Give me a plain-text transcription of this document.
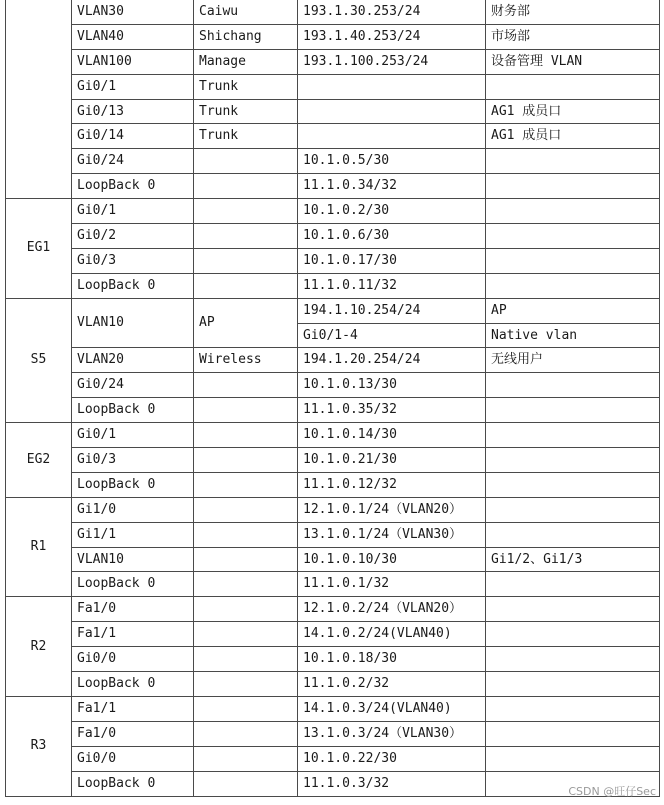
	VLAN30	Caiwu	193.1.30.253/24	财务部
	VLAN40	Shichang	193.1.40.253/24	市场部
	VLAN100	Manage	193.1.100.253/24	设备管理 VLAN
	Gi0/1	Trunk		
	Gi0/13	Trunk		AG1 成员口
	Gi0/14	Trunk		AG1 成员口
	Gi0/24		10.1.0.5/30	
	LoopBack 0		11.1.0.34/32	
EG1	Gi0/1		10.1.0.2/30	
	Gi0/2		10.1.0.6/30	
	Gi0/3		10.1.0.17/30	
	LoopBack 0		11.1.0.11/32	
S5	VLAN10	AP	194.1.10.254/24	AP
			Gi0/1-4	Native vlan
	VLAN20	Wireless	194.1.20.254/24	无线用户
	Gi0/24		10.1.0.13/30	
	LoopBack 0		11.1.0.35/32	
EG2	Gi0/1		10.1.0.14/30	
	Gi0/3		10.1.0.21/30	
	LoopBack 0		11.1.0.12/32	
R1	Gi1/0		12.1.0.1/24（VLAN20）	
	Gi1/1		13.1.0.1/24（VLAN30）	
	VLAN10		10.1.0.10/30	Gi1/2、Gi1/3
	LoopBack 0		11.1.0.1/32	
R2	Fa1/0		12.1.0.2/24（VLAN20）	
	Fa1/1		14.1.0.2/24(VLAN40)	
	Gi0/0		10.1.0.18/30	
	LoopBack 0		11.1.0.2/32	
R3	Fa1/1		14.1.0.3/24(VLAN40)	
	Fa1/0		13.1.0.3/24（VLAN30）	
	Gi0/0		10.1.0.22/30	
	LoopBack 0		11.1.0.3/32	
CSDN @旺仔Sec
